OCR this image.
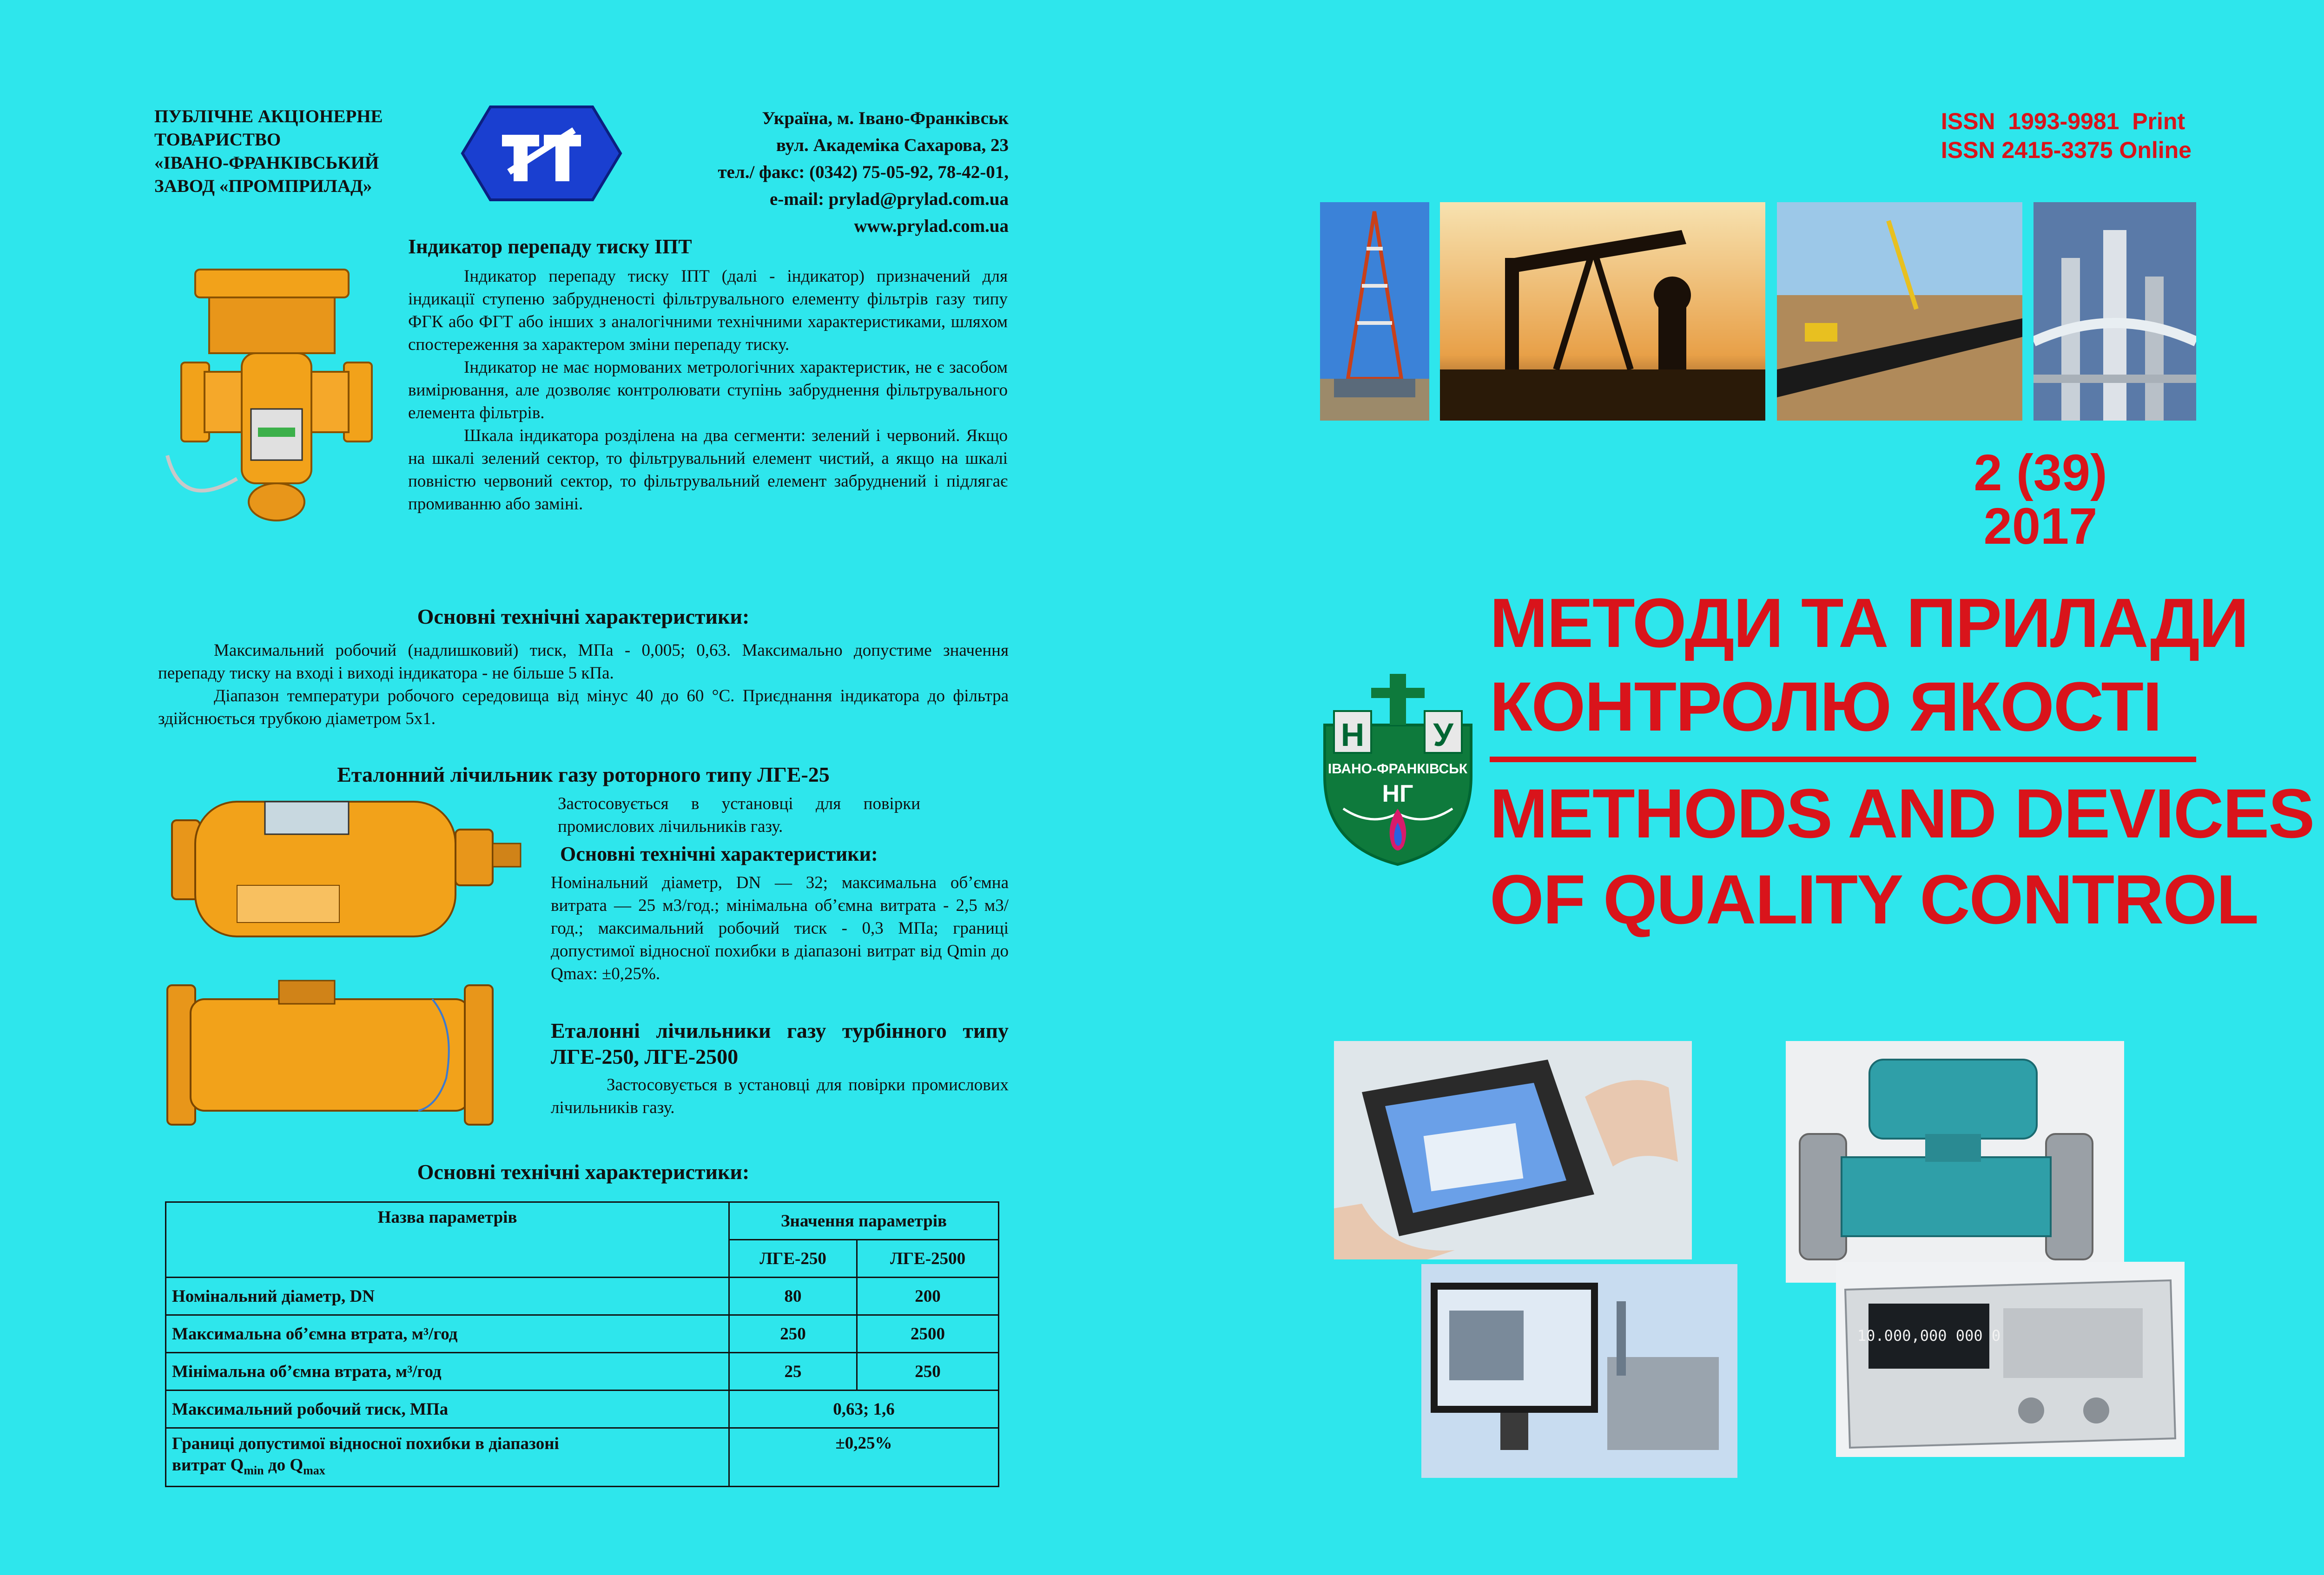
ПУБЛІЧНЕ АКЦІОНЕРНЕ
ТОВАРИСТВО
«ІВАНО-ФРАНКІВСЬКИЙ
ЗАВОД «ПРОМПРИЛАД»
Україна, м. Івано-Франківськ
вул. Академіка Сахарова, 23
тел./ факс: (0342) 75-05-92, 78-42-01,
e-mail: prylad@prylad.com.ua
www.prylad.com.ua
Індикатор перепаду тиску ІПТ

Індикатор перепаду тиску ІПТ (далі - індикатор) призначений для індикації ступеню забрудненості фільтрувального елементу фільтрів газу типу ФГК або ФГТ або інших з аналогічними технічними характеристиками, шляхом спостереження за характером зміни перепаду тиску.

Індикатор не має нормованих метрологічних характеристик, не є засобом вимірювання, але дозволяє контролювати ступінь забруднення фільтрувального елемента фільтрів.

Шкала індикатора розділена на два сегменти: зелений і червоний. Якщо на шкалі зелений сектор, то фільтрувальний елемент чистий, а якщо на шкалі повністю червоний сектор, то фільтрувальний елемент забруднений і підлягає промиванню або заміні.

Основні технічні характеристики:

Максимальний робочий (надлишковий) тиск, МПа - 0,005; 0,63. Максимально допустиме значення перепаду тиску на вході і виході індикатора - не більше 5 кПа.

Діапазон температури робочого середовища від мінус 40 до 60 °С. Приєднання індикатора до фільтра здійснюється трубкою діаметром 5х1.

Еталонний лічильник газу роторного типу ЛГЕ-25

Застосовується в установці для повірки промислових лічильників газу.

Основні технічні характеристики:

Номінальний діаметр, DN — 32; максимальна об’ємна витрата — 25 м3/год.; мінімальна об’ємна витрата - 2,5 м3/год.; максимальний робочий тиск - 0,3 МПа; границі допустимої відносної похибки в діапазоні витрат від Qmin до Qmax: ±0,25%.

Еталонні лічильники газу турбінного типу ЛГЕ-250, ЛГЕ-2500

Застосовується в установці для повірки промислових лічильників газу.

Основні технічні характеристики:
Назва параметрів	Значення параметрів	
	ЛГЕ-250	ЛГЕ-2500
Номінальний діаметр, DN	80	200
Максимальна об’ємна втрата, м³/год	250	2500
Мінімальна об’ємна втрата, м³/год	25	250
Максимальний робочий тиск, МПа	0,63; 1,6	
Границі допустимої відносної похибки в діапазоні
витрат $Q_{min}$ до $Q_{max}$	±0,25%	
ISSN  1993-9981  Print
ISSN 2415-3375 Online
2 (39)
2017
МЕТОДИ ТА ПРИЛАДИ
КОНТРОЛЮ ЯКОСТІ
METHODS AND DEVICES
OF QUALITY CONTROL
Н У
ІВАНО-ФРАНКІВСЬК
НГ
10.000,000 000 0
